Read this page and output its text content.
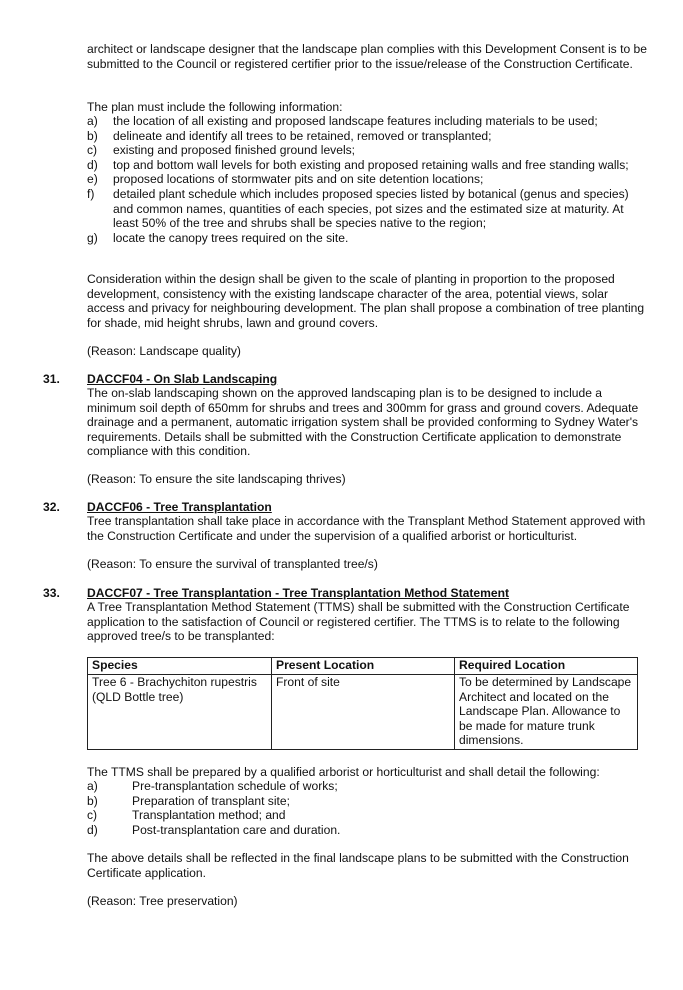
architect or landscape designer that the landscape plan complies with this Development Consent is to be submitted to the Council or registered certifier prior to the issue/release of the Construction Certificate.

The plan must include the following information:

a)	the location of all existing and proposed landscape features including materials to be used;
b)	delineate and identify all trees to be retained, removed or transplanted;
c)	existing and proposed finished ground levels;
d)	top and bottom wall levels for both existing and proposed retaining walls and free standing walls;
e)	proposed locations of stormwater pits and on site detention locations;
f)	detailed plant schedule which includes proposed species listed by botanical (genus and species) and common names, quantities of each species, pot sizes and the estimated size at maturity. At least 50% of the tree and shrubs shall be species native to the region;
g)	locate the canopy trees required on the site.

Consideration within the design shall be given to the scale of planting in proportion to the proposed development, consistency with the existing landscape character of the area, potential views, solar access and privacy for neighbouring development. The plan shall propose a combination of tree planting for shade, mid height shrubs, lawn and ground covers.

(Reason: Landscape quality)

31. DACCF04 - On Slab Landscaping

The on-slab landscaping shown on the approved landscaping plan is to be designed to include a minimum soil depth of 650mm for shrubs and trees and 300mm for grass and ground covers. Adequate drainage and a permanent, automatic irrigation system shall be provided conforming to Sydney Water's requirements. Details shall be submitted with the Construction Certificate application to demonstrate compliance with this condition.

(Reason: To ensure the site landscaping thrives)

32. DACCF06 - Tree Transplantation

Tree transplantation shall take place in accordance with the Transplant Method Statement approved with the Construction Certificate and under the supervision of a qualified arborist or horticulturist.

(Reason: To ensure the survival of transplanted tree/s)

33. DACCF07 - Tree Transplantation - Tree Transplantation Method Statement

A Tree Transplantation Method Statement (TTMS) shall be submitted with the Construction Certificate application to the satisfaction of Council or registered certifier. The TTMS is to relate to the following approved tree/s to be transplanted:

Species	Present Location	Required Location
Tree 6 - Brachychiton rupestris (QLD Bottle tree)	Front of site	To be determined by Landscape Architect and located on the Landscape Plan. Allowance to be made for mature trunk dimensions.

The TTMS shall be prepared by a qualified arborist or horticulturist and shall detail the following:

a)	Pre-transplantation schedule of works;
b)	Preparation of transplant site;
c)	Transplantation method; and
d)	Post-transplantation care and duration.

The above details shall be reflected in the final landscape plans to be submitted with the Construction Certificate application.

(Reason: Tree preservation)
